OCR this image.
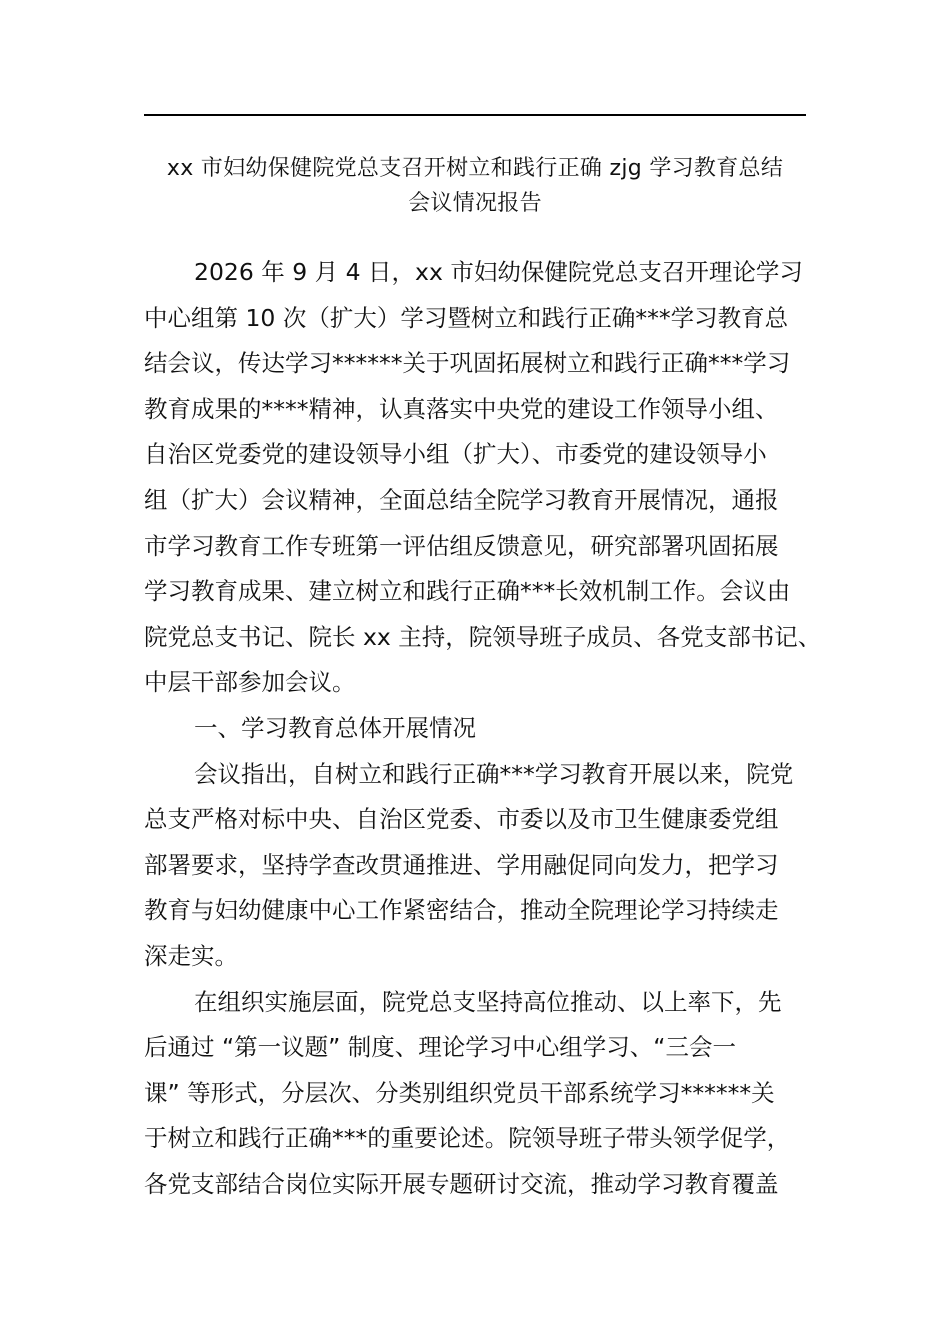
xx 市妇幼保健院党总支召开树立和践行正确 zjg 学习教育总结
会议情况报告
2026 年 9 月 4 日，xx 市妇幼保健院党总支召开理论学习
中心组第 10 次（扩大）学习暨树立和践行正确***学习教育总
结会议，传达学习******关于巩固拓展树立和践行正确***学习
教育成果的****精神，认真落实中央党的建设工作领导小组、
自治区党委党的建设领导小组（扩大）、市委党的建设领导小
组（扩大）会议精神，全面总结全院学习教育开展情况，通报
市学习教育工作专班第一评估组反馈意见，研究部署巩固拓展
学习教育成果、建立树立和践行正确***长效机制工作。会议由
院党总支书记、院长 xx 主持，院领导班子成员、各党支部书记、
中层干部参加会议。
一、学习教育总体开展情况
会议指出，自树立和践行正确***学习教育开展以来，院党
总支严格对标中央、自治区党委、市委以及市卫生健康委党组
部署要求，坚持学查改贯通推进、学用融促同向发力，把学习
教育与妇幼健康中心工作紧密结合，推动全院理论学习持续走
深走实。
在组织实施层面，院党总支坚持高位推动、以上率下，先
后通过 “第一议题” 制度、理论学习中心组学习、“三会一
课” 等形式，分层次、分类别组织党员干部系统学习******关
于树立和践行正确***的重要论述。院领导班子带头领学促学，
各党支部结合岗位实际开展专题研讨交流，推动学习教育覆盖
